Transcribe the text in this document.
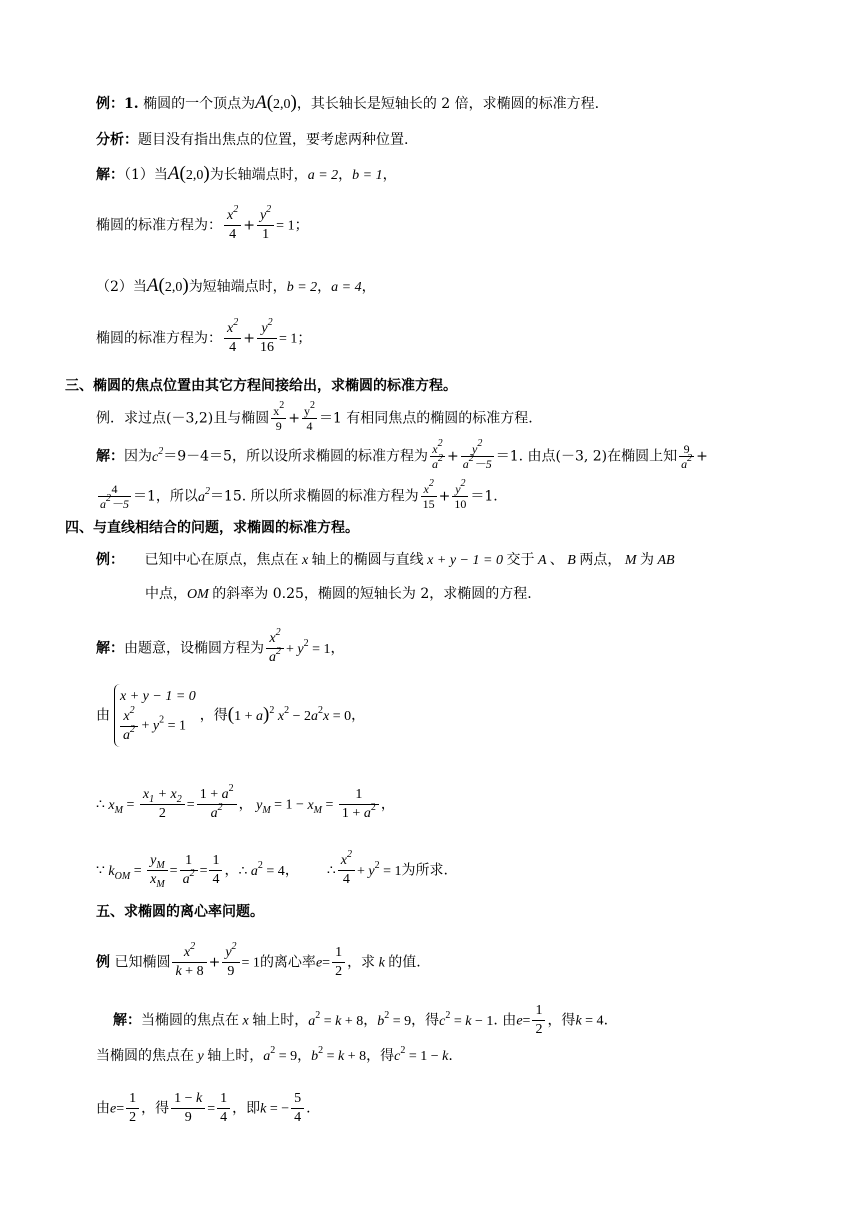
例：1. 椭圆的一个顶点为A(2,0)，其长轴长是短轴长的 2 倍，求椭圆的标准方程.
分析：题目没有指出焦点的位置，要考虑两种位置.
解：（1）当A(2,0)为长轴端点时，a = 2，b = 1，
椭圆的标准方程为： $\frac{x^2}{4} + \frac{y^2}{1} = 1$；
（2）当A(2,0)为短轴端点时，b = 2，a = 4，
椭圆的标准方程为： $\frac{x^2}{4} + \frac{y^2}{16} = 1$；
三、椭圆的焦点位置由其它方程间接给出，求椭圆的标准方程。
例．求过点(－3,2)且与椭圆 $\frac{x^2}{9} + \frac{y^2}{4} =1$ 有相同焦点的椭圆的标准方程.
解：因为$c^2=9-4=5$，所以设所求椭圆的标准方程为 $\frac{x^2}{a^2} + \frac{y^2}{a^2-5} =1$. 由点(－3, 2)在椭圆上知 $\frac{9}{a^2}$ +
$\frac{4}{a^2-5} =1$，所以$a^2=15$. 所以所求椭圆的标准方程为 $\frac{x^2}{15} + \frac{y^2}{10} =1$.
四、与直线相结合的问题，求椭圆的标准方程。
例： 已知中心在原点，焦点在 x 轴上的椭圆与直线 x + y − 1 = 0 交于 A 、 B 两点， M 为 AB
中点，OM 的斜率为 0.25，椭圆的短轴长为 2，求椭圆的方程.
解：由题意，设椭圆方程为 $\frac{x^2}{a^2} + y^2 = 1$，
由
x + y − 1 = 0
$\frac{x^2}{a^2} + y^2 = 1$
，得$(1 + a)^2$ $x^2 - 2a^2x = 0$，
∴ $x_M = \frac{x_1 + x_2}{2} = \frac{1 + a^2}{a^2}$ ， $y_M = 1 - x_M = \frac{1}{1 + a^2}$ ，
∵ $k_{OM} = \frac{y_M}{x_M} = \frac{1}{a^2} = \frac{1}{4}$ ，∴ $a^2 = 4$， ∴ $\frac{x^2}{4} + y^2 = 1$为所求.
五、求椭圆的离心率问题。
例 已知椭圆 $\frac{x^2}{k + 8} + \frac{y^2}{9} = 1$的离心率$e= \frac{1}{2}$ ，求 k 的值.
解：当椭圆的焦点在 x 轴上时，$a^2 = k + 8$，$b^2 = 9$，得$c^2 = k - 1$. 由$e= \frac{1}{2}$ ，得k = 4.
当椭圆的焦点在 y 轴上时，$a^2 = 9$，$b^2 = k + 8$，得$c^2 = 1 - k$.
由$e= \frac{1}{2}$ ，得 $\frac{1 - k}{9} = \frac{1}{4}$ ，即k = − $\frac{5}{4}$ .
